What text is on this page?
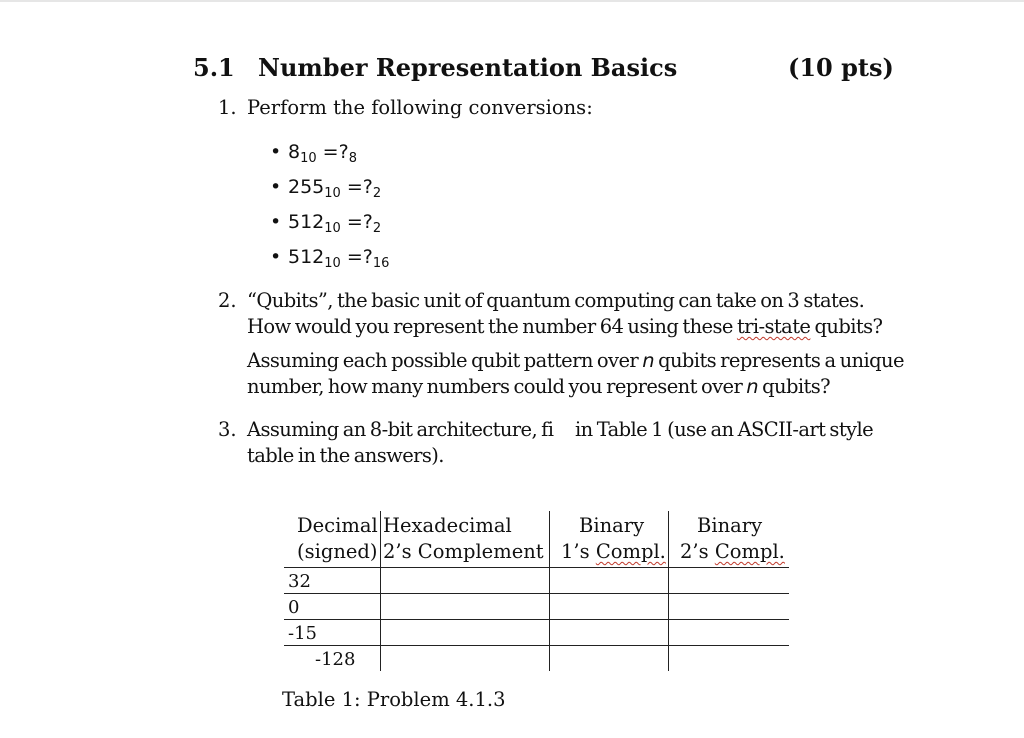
5.1 Number Representation Basics	(10 pts)
1. Perform the following conversions:
• $8_{10}$ $=?_8$
• $255_{10}$ $=?_2$
• $512_{10}$ $=?_2$
• $512_{10}$ $=?_{16}$
2. “Qubits”, the basic unit of quantum computing can take on 3 states.
How would you represent the number 64 using these tri-state qubits?
Assuming each possible qubit pattern over n qubits represents a unique
number, how many numbers could you represent over n qubits?
3. Assuming an 8-bit architecture, fi in Table 1 (use an ASCII-art style
table in the answers).
Decimal
(signed)
Hexadecimal
2’s Complement
Binary
1’s Compl.
Binary
2’s Compl.
32
0
-15
-128
Table 1: Problem 4.1.3
